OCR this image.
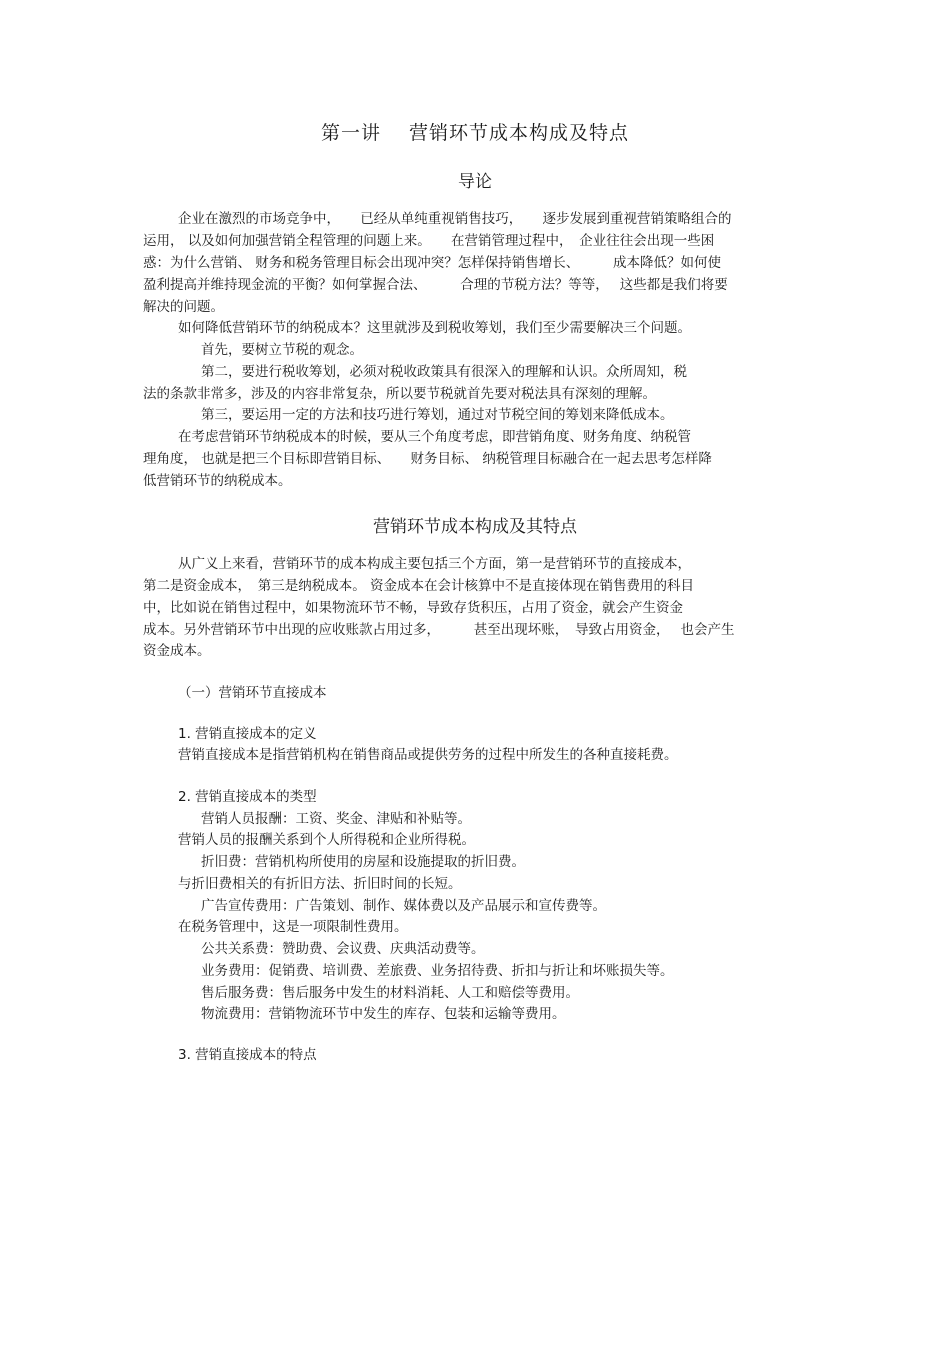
第一讲 营销环节成本构成及特点
导论
营销环节成本构成及其特点
企业在激烈的市场竞争中，　　已经从单纯重视销售技巧，　　逐步发展到重视营销策略组合的
运用， 以及如何加强营销全程管理的问题上来。　　在营销管理过程中，　企业往往会出现一些困
惑：为什么营销、 财务和税务管理目标会出现冲突？怎样保持销售增长、　　　成本降低？如何使
盈利提高并维持现金流的平衡？如何掌握合法、　　　合理的节税方法？等等，　 这些都是我们将要
解决的问题。
如何降低营销环节的纳税成本？这里就涉及到税收筹划，我们至少需要解决三个问题。
首先，要树立节税的观念。
第二，要进行税收筹划，必须对税收政策具有很深入的理解和认识。众所周知，税
法的条款非常多，涉及的内容非常复杂，所以要节税就首先要对税法具有深刻的理解。
第三，要运用一定的方法和技巧进行筹划，通过对节税空间的筹划来降低成本。
在考虑营销环节纳税成本的时候，要从三个角度考虑，即营销角度、财务角度、纳税管
理角度， 也就是把三个目标即营销目标、　　财务目标、 纳税管理目标融合在一起去思考怎样降
低营销环节的纳税成本。
从广义上来看，营销环节的成本构成主要包括三个方面，第一是营销环节的直接成本，
第二是资金成本，　第三是纳税成本。 资金成本在会计核算中不是直接体现在销售费用的科目
中，比如说在销售过程中，如果物流环节不畅，导致存货积压，占用了资金，就会产生资金
成本。另外营销环节中出现的应收账款占用过多，　　　甚至出现坏账，　导致占用资金，　 也会产生
资金成本。
（一）营销环节直接成本
1. 营销直接成本的定义
营销直接成本是指营销机构在销售商品或提供劳务的过程中所发生的各种直接耗费。
2. 营销直接成本的类型
营销人员报酬：工资、奖金、津贴和补贴等。
营销人员的报酬关系到个人所得税和企业所得税。
折旧费：营销机构所使用的房屋和设施提取的折旧费。
与折旧费相关的有折旧方法、折旧时间的长短。
广告宣传费用：广告策划、制作、媒体费以及产品展示和宣传费等。
在税务管理中，这是一项限制性费用。
公共关系费：赞助费、会议费、庆典活动费等。
业务费用：促销费、培训费、差旅费、业务招待费、折扣与折让和坏账损失等。
售后服务费：售后服务中发生的材料消耗、人工和赔偿等费用。
物流费用：营销物流环节中发生的库存、包装和运输等费用。
3. 营销直接成本的特点
